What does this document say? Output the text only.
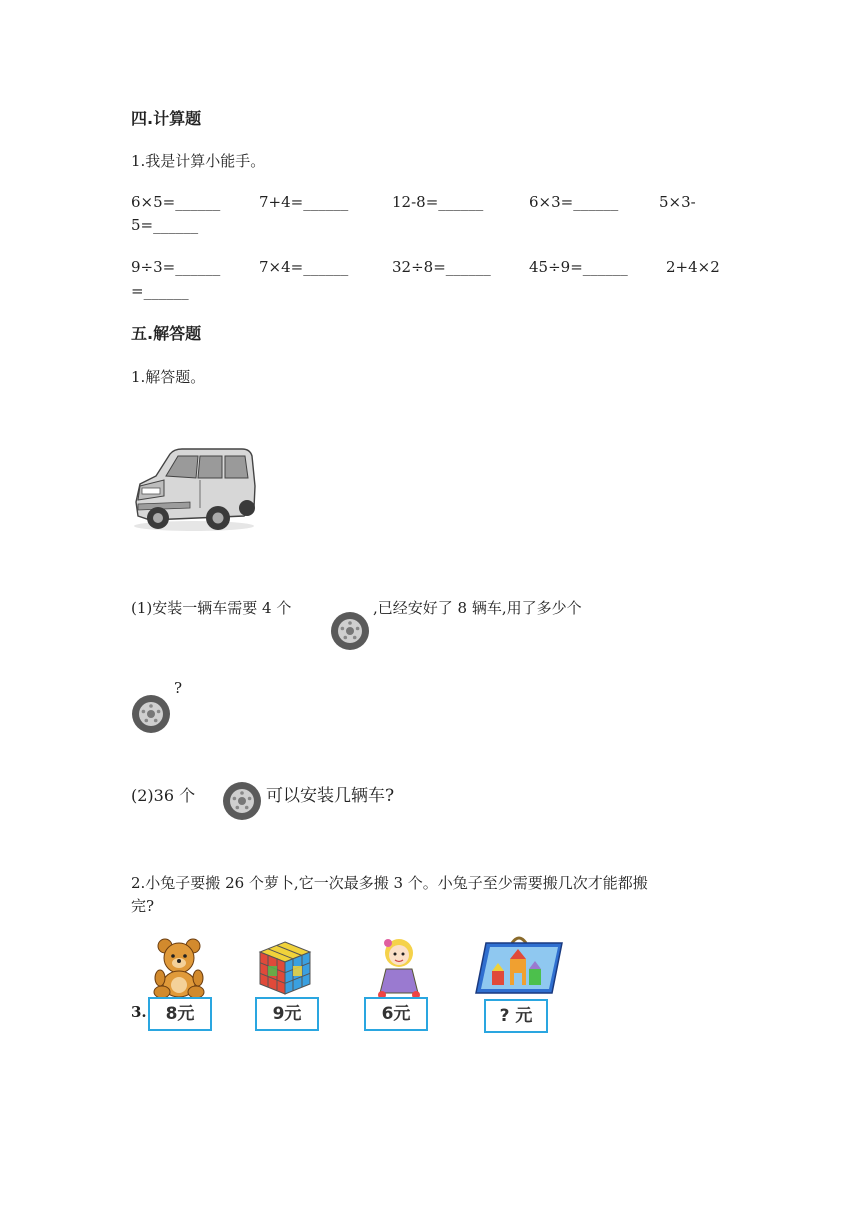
四.计算题
1.我是计算小能手。
6×5=______	7+4=______	12-8=______	6×3=______	5×3-
5=______
9÷3=______	7×4=______	32÷8=______	45÷9=______	2+4×2
=______
五.解答题
1.解答题。
(1)安装一辆车需要 4 个	,已经安好了 8 辆车,用了多少个
?
(2)36 个	可以安装几辆车?
2.小兔子要搬 26 个萝卜,它一次最多搬 3 个。小兔子至少需要搬几次才能都搬
完?
3.	8元	9元	6元	? 元
